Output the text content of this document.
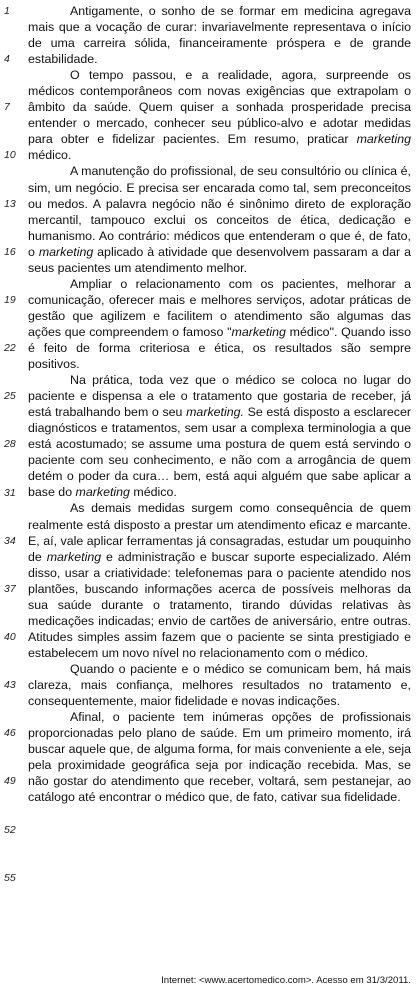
1
4
7
10
13
16
19
22
25
28
31
34
37
40
43
46
49
52
55

Antigamente, o sonho de se formar em medicina agregava mais que a vocação de curar: invariavelmente representava o início de uma carreira sólida, financeiramente próspera e de grande estabilidade.

O tempo passou, e a realidade, agora, surpreende os médicos contemporâneos com novas exigências que extrapolam o âmbito da saúde. Quem quiser a sonhada prosperidade precisa entender o mercado, conhecer seu público-alvo e adotar medidas para obter e fidelizar pacientes. Em resumo, praticar marketing médico.

A manutenção do profissional, de seu consultório ou clínica é, sim, um negócio. E precisa ser encarada como tal, sem preconceitos ou medos. A palavra negócio não é sinônimo direto de exploração mercantil, tampouco exclui os conceitos de ética, dedicação e humanismo. Ao contrário: médicos que entenderam o que é, de fato, o marketing aplicado à atividade que desenvolvem passaram a dar a seus pacientes um atendimento melhor.

Ampliar o relacionamento com os pacientes, melhorar a comunicação, oferecer mais e melhores serviços, adotar práticas de gestão que agilizem e facilitem o atendimento são algumas das ações que compreendem o famoso "marketing médico". Quando isso é feito de forma criteriosa e ética, os resultados são sempre positivos.

Na prática, toda vez que o médico se coloca no lugar do paciente e dispensa a ele o tratamento que gostaria de receber, já está trabalhando bem o seu marketing. Se está disposto a esclarecer diagnósticos e tratamentos, sem usar a complexa terminologia a que está acostumado; se assume uma postura de quem está servindo o paciente com seu conhecimento, e não com a arrogância de quem detém o poder da cura… bem, está aqui alguém que sabe aplicar a base do marketing médico.

As demais medidas surgem como consequência de quem realmente está disposto a prestar um atendimento eficaz e marcante. E, aí, vale aplicar ferramentas já consagradas, estudar um pouquinho de marketing e administração e buscar suporte especializado. Além disso, usar a criatividade: telefonemas para o paciente atendido nos plantões, buscando informações acerca de possíveis melhoras da sua saúde durante o tratamento, tirando dúvidas relativas às medicações indicadas; envio de cartões de aniversário, entre outras. Atitudes simples assim fazem que o paciente se sinta prestigiado e estabelecem um novo nível no relacionamento com o médico.

Quando o paciente e o médico se comunicam bem, há mais clareza, mais confiança, melhores resultados no tratamento e, consequentemente, maior fidelidade e novas indicações.

Afinal, o paciente tem inúmeras opções de profissionais proporcionadas pelo plano de saúde. Em um primeiro momento, irá buscar aquele que, de alguma forma, for mais conveniente a ele, seja pela proximidade geográfica seja por indicação recebida. Mas, se não gostar do atendimento que receber, voltará, sem pestanejar, ao catálogo até encontrar o médico que, de fato, cativar sua fidelidade.

Internet: <www.acertomedico.com>. Acesso em 31/3/2011.
